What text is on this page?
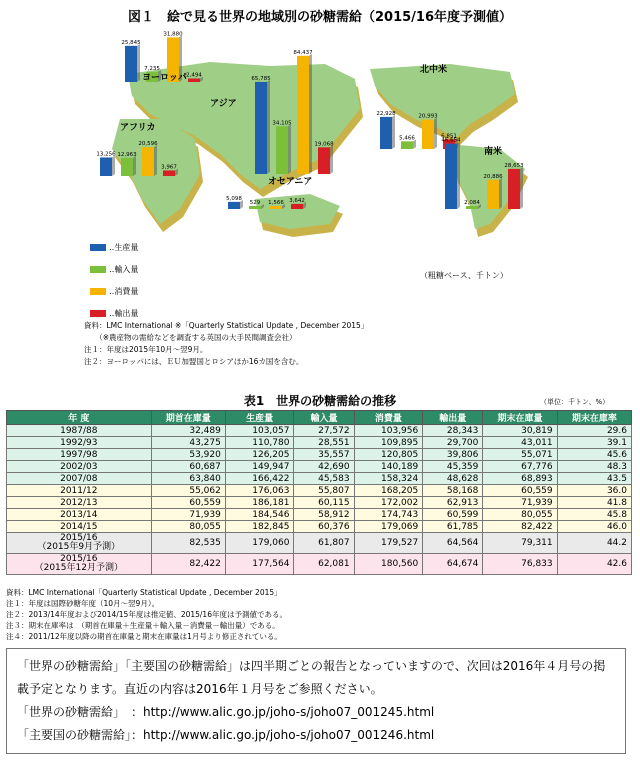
図１　絵で見る世界の地域別の砂糖需給（2015/16年度予測値）
25,845
7,235
31,880
2,494
65,785
34,105
84,437
19,068
13,256 12,963
20,596
3,967
22,928
5,466
20,993
6,851
46,654
2,084
20,886
28,653
5,098
529 1,566 3,642
ヨーロッパ
アジア
アフリカ
北中米
南米
オセアニア
‥生産量
‥輸入量
‥消費量
‥輸出量
（粗糖ベース、千トン）
資料：LMC International ※「Quarterly Statistical Update , December 2015」
　　（※農産物の需給などを調査する英国の大手民間調査会社）
注１：年度は2015年10月～翌9月。
注２：ヨーロッパには、ＥＵ加盟国とロシアほか16カ国を含む。
表1　世界の砂糖需給の推移	（単位：千トン、%）
年 度	期首在庫量	生産量	輸入量	消費量	輸出量	期末在庫量	期末在庫率
1987/88	32,489	103,057	27,572	103,956	28,343	30,819	29.6
1992/93	43,275	110,780	28,551	109,895	29,700	43,011	39.1
1997/98	53,920	126,205	35,557	120,805	39,806	55,071	45.6
2002/03	60,687	149,947	42,690	140,189	45,359	67,776	48.3
2007/08	63,840	166,422	45,583	158,324	48,628	68,893	43.5
2011/12	55,062	176,063	55,807	168,205	58,168	60,559	36.0
2012/13	60,559	186,181	60,115	172,002	62,913	71,939	41.8
2013/14	71,939	184,546	58,912	174,743	60,599	80,055	45.8
2014/15	80,055	182,845	60,376	179,069	61,785	82,422	46.0

2015/16
（2015年9月予測）	82,535	179,060	61,807	179,527	64,564	79,311	44.2

2015/16
（2015年12月予測）	82,422	177,564	62,081	180,560	64,674	76,833	42.6
資料：LMC International「Quarterly Statistical Update , December 2015」
注１：年度は国際砂糖年度（10月～翌9月）。
注２：2013/14年度および2014/15年度は推定値、2015/16年度は予測値である。
注３：期末在庫率は　（期首在庫量＋生産量＋輸入量－消費量－輸出量）である。
注４：2011/12年度以降の期首在庫量と期末在庫量は1月号より修正されている。
「世界の砂糖需給」「主要国の砂糖需給」は四半期ごとの報告となっていますので、次回は2016年４月号の掲載予定となります。直近の内容は2016年１月号をご参照ください。
「世界の砂糖需給」　：http://www.alic.go.jp/joho-s/joho07_001245.html
「主要国の砂糖需給」：http://www.alic.go.jp/joho-s/joho07_001246.html
